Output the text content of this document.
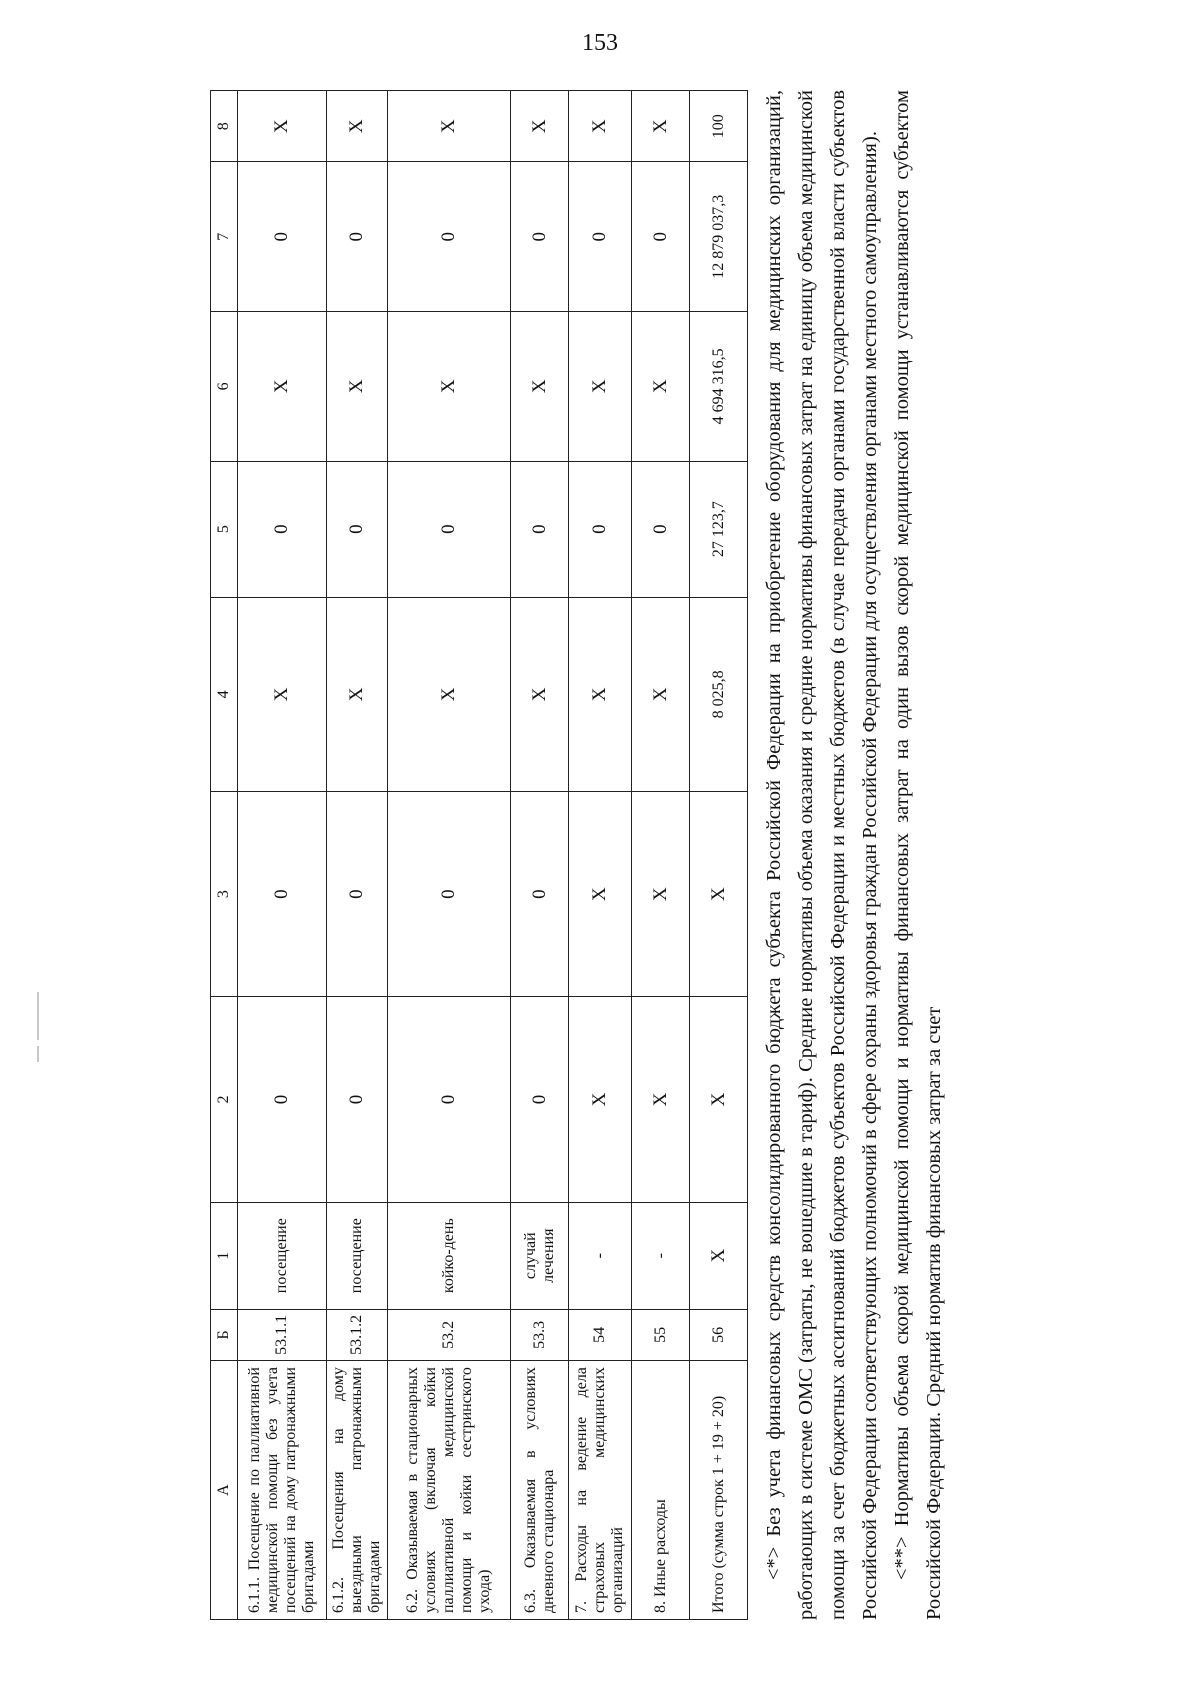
153
А	Б	1	2	3	4	5	6	7	8
6.1.1. Посещение по паллиативной медицинской помощи без учета посещений на дому патронажными бригадами	53.1.1	посещение	0	0	X	0	X	0	X
6.1.2. Посещения на дому выездными патронажными бригадами	53.1.2	посещение	0	0	X	0	X	0	X
6.2. Оказываемая в стационарных условиях (включая койки паллиативной медицинской помощи и койки сестринского ухода)	53.2	койко-день	0	0	X	0	X	0	X
6.3. Оказываемая в условиях дневного стационара	53.3	случай лечения	0	0	X	0	X	0	X
7. Расходы на ведение дела страховых медицинских организаций	54	-	X	X	X	0	X	0	X
8. Иные расходы	55	-	X	X	X	0	X	0	X
Итого (сумма строк 1 + 19 + 20)	56	X	X	X	8 025,8	27 123,7	4 694 316,5	12 879 037,3	100 <*> Без учета финансовых средств консолидированного бюджета субъекта Российской Федерации на приобретение оборудования для медицинских организаций, работающих в системе ОМС (затраты, не вошедшие в тариф). Средние нормативы объема оказания и средние нормативы финансовых затрат на единицу объема медицинской помощи за счет бюджетных ассигнований бюджетов субъектов Российской Федерации и местных бюджетов (в случае передачи органами государственной власти субъектов Российской Федерации соответствующих полномочий в сфере охраны здоровья граждан Российской Федерации для осуществления органами местного самоуправления). <**> Нормативы объема скорой медицинской помощи и нормативы финансовых затрат на один вызов скорой медицинской помощи устанавливаются субъектом Российской Федерации. Средний норматив финансовых затрат за счет
